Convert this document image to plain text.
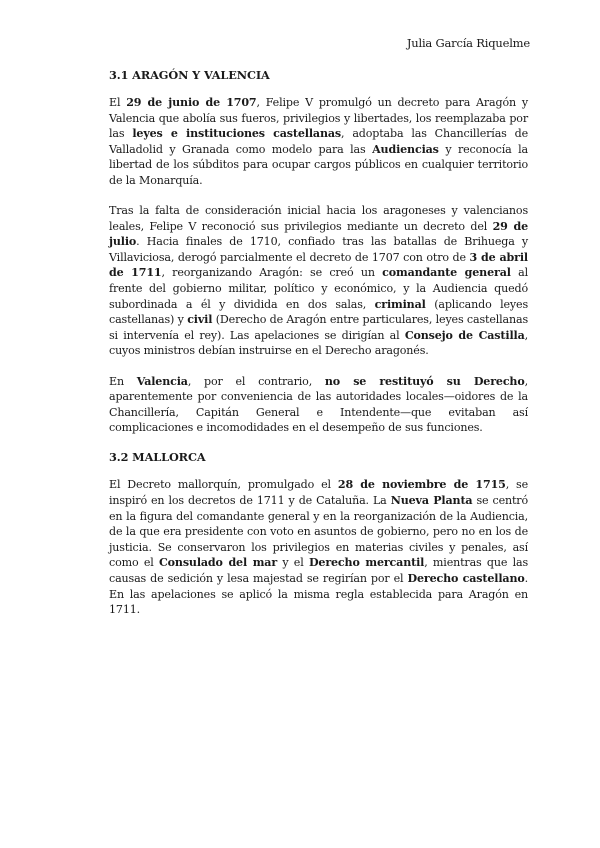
Julia García Riquelme
3.1 ARAGÓN Y VALENCIA

El 29 de junio de 1707, Felipe V promulgó un decreto para Aragón y Valencia que abolía sus fueros, privilegios y libertades, los reemplazaba por las leyes e instituciones castellanas, adoptaba las Chancillerías de Valladolid y Granada como modelo para las Audiencias y reconocía la libertad de los súbditos para ocupar cargos públicos en cualquier territorio de la Monarquía.

Tras la falta de consideración inicial hacia los aragoneses y valencianos leales, Felipe V reconoció sus privilegios mediante un decreto del 29 de julio. Hacia finales de 1710, confiado tras las batallas de Brihuega y Villaviciosa, derogó parcialmente el decreto de 1707 con otro de 3 de abril de 1711, reorganizando Aragón: se creó un comandante general al frente del gobierno militar, político y económico, y la Audiencia quedó subordinada a él y dividida en dos salas, criminal (aplicando leyes castellanas) y civil (Derecho de Aragón entre particulares, leyes castellanas si intervenía el rey). Las apelaciones se dirigían al Consejo de Castilla, cuyos ministros debían instruirse en el Derecho aragonés.

En Valencia, por el contrario, no se restituyó su Derecho, aparentemente por conveniencia de las autoridades locales—oidores de la Chancillería, Capitán General e Intendente—que evitaban así complicaciones e incomodidades en el desempeño de sus funciones.

3.2 MALLORCA

El Decreto mallorquín, promulgado el 28 de noviembre de 1715, se inspiró en los decretos de 1711 y de Cataluña. La Nueva Planta se centró en la figura del comandante general y en la reorganización de la Audiencia, de la que era presidente con voto en asuntos de gobierno, pero no en los de justicia. Se conservaron los privilegios en materias civiles y penales, así como el Consulado del mar y el Derecho mercantil, mientras que las causas de sedición y lesa majestad se regirían por el Derecho castellano. En las apelaciones se aplicó la misma regla establecida para Aragón en 1711.
